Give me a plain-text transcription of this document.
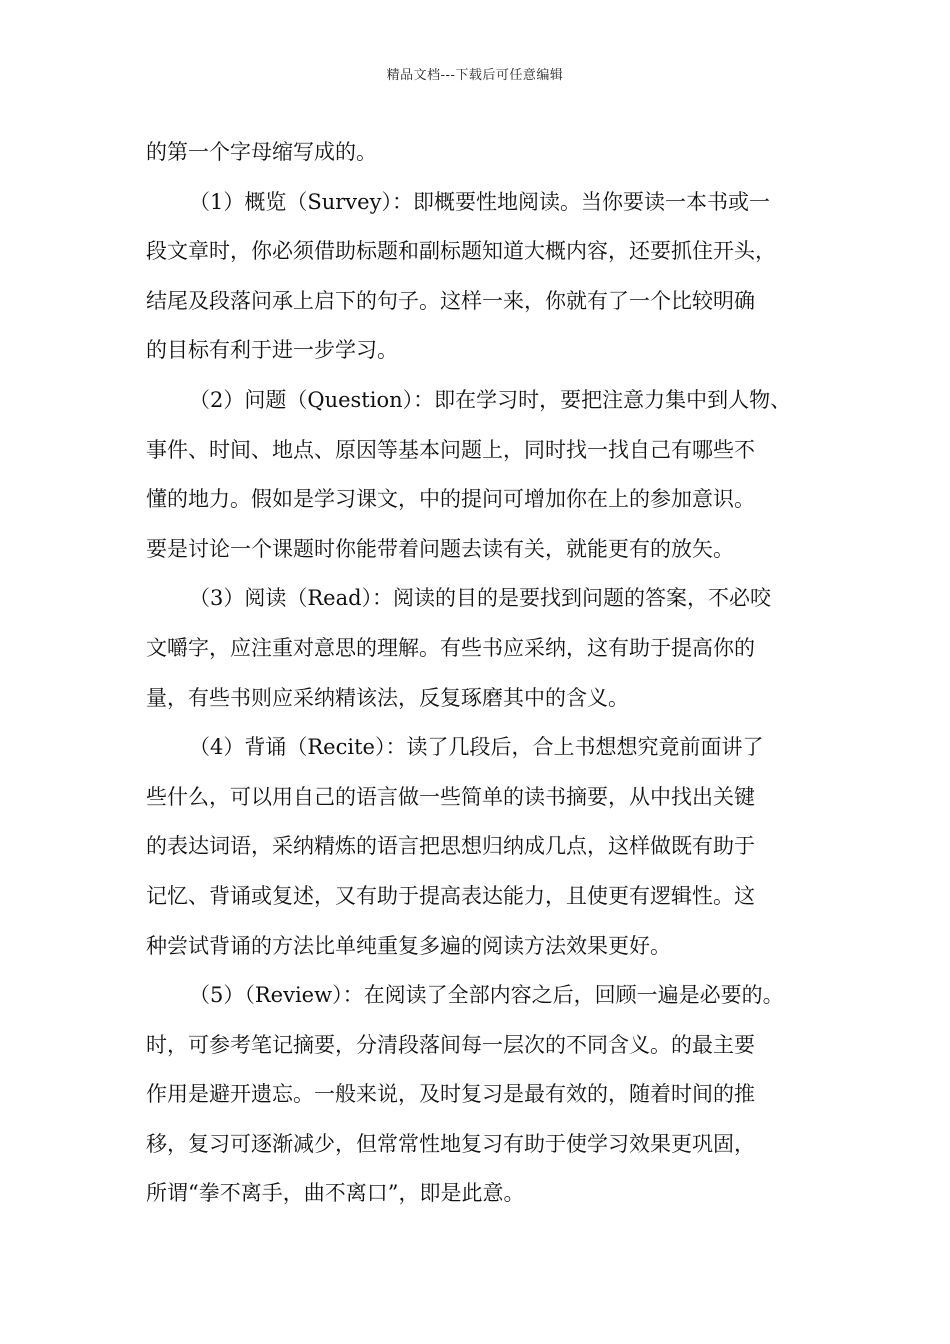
精品文档---下载后可任意编辑
的第一个字母缩写成的。
（1）概览（Survey）：即概要性地阅读。当你要读一本书或一
段文章时，你必须借助标题和副标题知道大概内容，还要抓住开头，
结尾及段落问承上启下的句子。这样一来，你就有了一个比较明确
的目标有利于进一步学习。
（2）问题（Question）：即在学习时，要把注意力集中到人物、
事件、时间、地点、原因等基本问题上，同时找一找自己有哪些不
懂的地力。假如是学习课文，中的提问可增加你在上的参加意识。
要是讨论一个课题时你能带着问题去读有关，就能更有的放矢。
（3）阅读（Read）：阅读的目的是要找到问题的答案，不必咬
文嚼字，应注重对意思的理解。有些书应采纳，这有助于提高你的
量，有些书则应采纳精该法，反复琢磨其中的含义。
（4）背诵（Recite）：读了几段后，合上书想想究竟前面讲了
些什么，可以用自己的语言做一些简单的读书摘要，从中找出关键
的表达词语，采纳精炼的语言把思想归纳成几点，这样做既有助于
记忆、背诵或复述，又有助于提高表达能力，且使更有逻辑性。这
种尝试背诵的方法比单纯重复多遍的阅读方法效果更好。
（5）（Review）：在阅读了全部内容之后，回顾一遍是必要的。
时，可参考笔记摘要，分清段落间每一层次的不同含义。的最主要
作用是避开遗忘。一般来说，及时复习是最有效的，随着时间的推
移，复习可逐渐减少，但常常性地复习有助于使学习效果更巩固，
所谓“拳不离手，曲不离口”，即是此意。
